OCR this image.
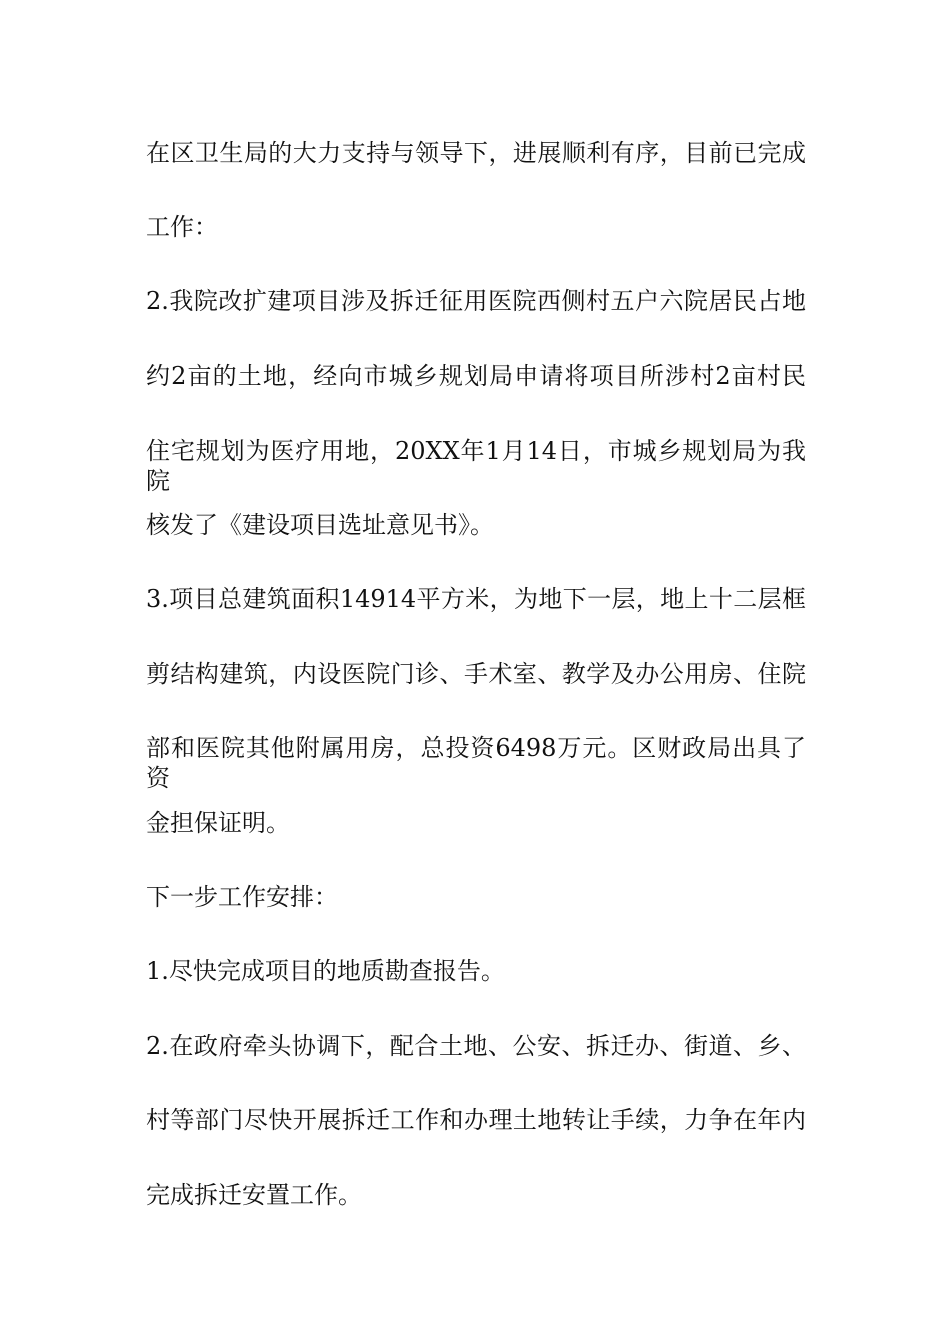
在区卫生局的大力支持与领导下，进展顺利有序，目前已完成
工作：
2.我院改扩建项目涉及拆迁征用医院西侧村五户六院居民占地
约2亩的土地，经向市城乡规划局申请将项目所涉村2亩村民
住宅规划为医疗用地，20XX年1月14日，市城乡规划局为我院
核发了《建设项目选址意见书》。
3.项目总建筑面积14914平方米，为地下一层，地上十二层框
剪结构建筑，内设医院门诊、手术室、教学及办公用房、住院
部和医院其他附属用房，总投资6498万元。区财政局出具了资
金担保证明。
下一步工作安排：
1.尽快完成项目的地质勘查报告。
2.在政府牵头协调下，配合土地、公安、拆迁办、街道、乡、
村等部门尽快开展拆迁工作和办理土地转让手续，力争在年内
完成拆迁安置工作。
